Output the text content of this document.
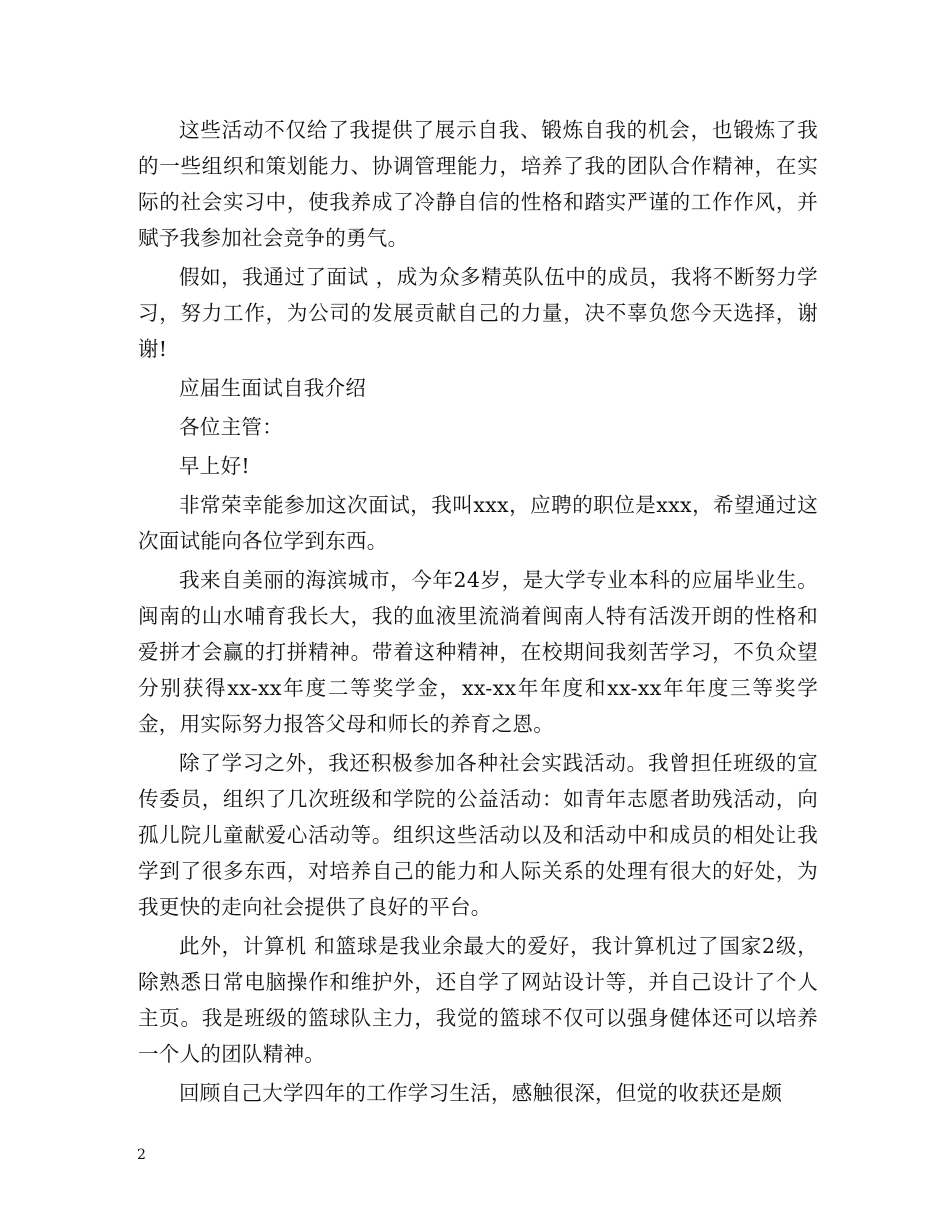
这些活动不仅给了我提供了展示自我、锻炼自我的机会，也锻炼了我的一些组织和策划能力、协调管理能力，培养了我的团队合作精神，在实际的社会实习中，使我养成了冷静自信的性格和踏实严谨的工作作风，并赋予我参加社会竞争的勇气。

假如，我通过了面试 ，成为众多精英队伍中的成员，我将不断努力学习，努力工作，为公司的发展贡献自己的力量，决不辜负您今天选择，谢谢!

应届生面试自我介绍

各位主管：

早上好!

非常荣幸能参加这次面试，我叫xxx，应聘的职位是xxx，希望通过这次面试能向各位学到东西。

我来自美丽的海滨城市，今年24岁，是大学专业本科的应届毕业生。闽南的山水哺育我长大，我的血液里流淌着闽南人特有活泼开朗的性格和爱拼才会赢的打拼精神。带着这种精神，在校期间我刻苦学习，不负众望分别获得xx-xx年度二等奖学金，xx-xx年年度和xx-xx年年度三等奖学金，用实际努力报答父母和师长的养育之恩。

除了学习之外，我还积极参加各种社会实践活动。我曾担任班级的宣传委员，组织了几次班级和学院的公益活动：如青年志愿者助残活动，向孤儿院儿童献爱心活动等。组织这些活动以及和活动中和成员的相处让我学到了很多东西，对培养自己的能力和人际关系的处理有很大的好处，为我更快的走向社会提供了良好的平台。

此外，计算机 和篮球是我业余最大的爱好，我计算机过了国家2级，除熟悉日常电脑操作和维护外，还自学了网站设计等，并自己设计了个人主页。我是班级的篮球队主力，我觉的篮球不仅可以强身健体还可以培养一个人的团队精神。

回顾自己大学四年的工作学习生活，感触很深，但觉的收获还是颇

2
